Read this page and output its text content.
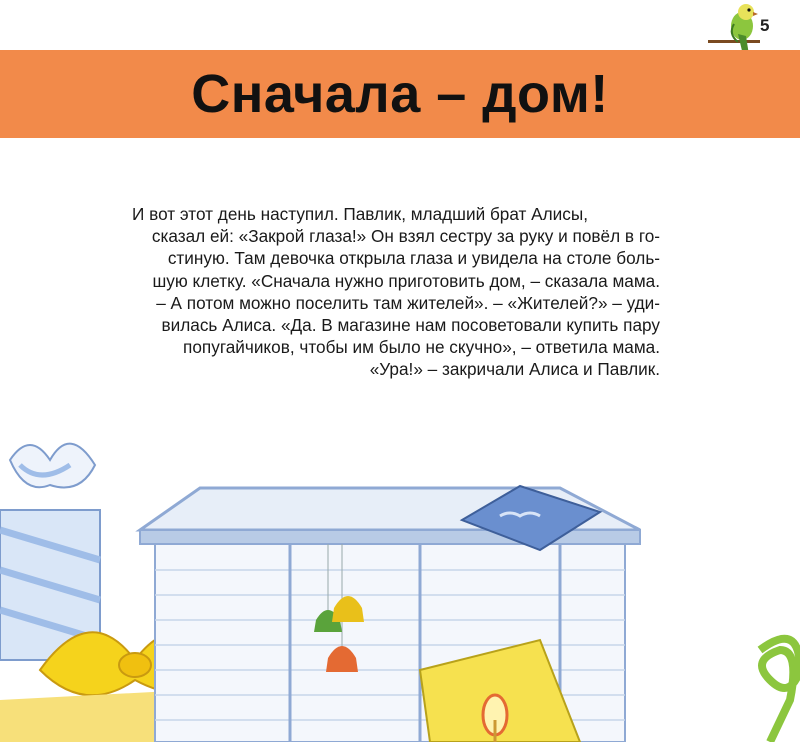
5
Сначала – дом!
И вот этот день наступил. Павлик, младший брат Алисы,
сказал ей: «Закрой глаза!» Он взял сестру за руку и повёл в го-
стиную. Там девочка открыла глаза и увидела на столе боль-
шую клетку. «Сначала нужно приготовить дом, – сказала мама.
– А потом можно поселить там жителей». – «Жителей?» – уди-
вилась Алиса. «Да. В магазине нам посоветовали купить пару
попугайчиков, чтобы им было не скучно», – ответила мама.
«Ура!» – закричали Алиса и Павлик.
